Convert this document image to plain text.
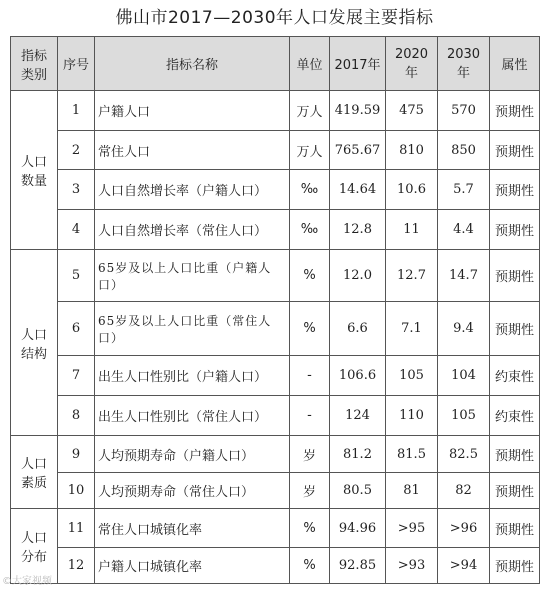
佛山市2017—2030年人口发展主要指标
指标
类别	序号	指标名称	单位	2017年	2020年	2030年	属性
人口
数量	1	户籍人口	万人	419.59	475	570	预期性
	2	常住人口	万人	765.67	810	850	预期性
	3	人口自然增长率（户籍人口）	‰	14.64	10.6	5.7	预期性
	4	人口自然增长率（常住人口）	‰	12.8	11	4.4	预期性
人口
结构	5	65岁及以上人口比重（户籍人口）	%	12.0	12.7	14.7	预期性
	6	65岁及以上人口比重（常住人口）	%	6.6	7.1	9.4	预期性
	7	出生人口性别比（户籍人口）	-	106.6	105	104	约束性
	8	出生人口性别比（常住人口）	-	124	110	105	约束性
人口
素质	9	人均预期寿命（户籍人口）	岁	81.2	81.5	82.5	预期性
	10	人均预期寿命（常住人口）	岁	80.5	81	82	预期性
人口
分布	11	常住人口城镇化率	%	94.96	>95	>96	预期性
	12	户籍人口城镇化率	%	92.85	>93	>94	预期性
©大家视频
